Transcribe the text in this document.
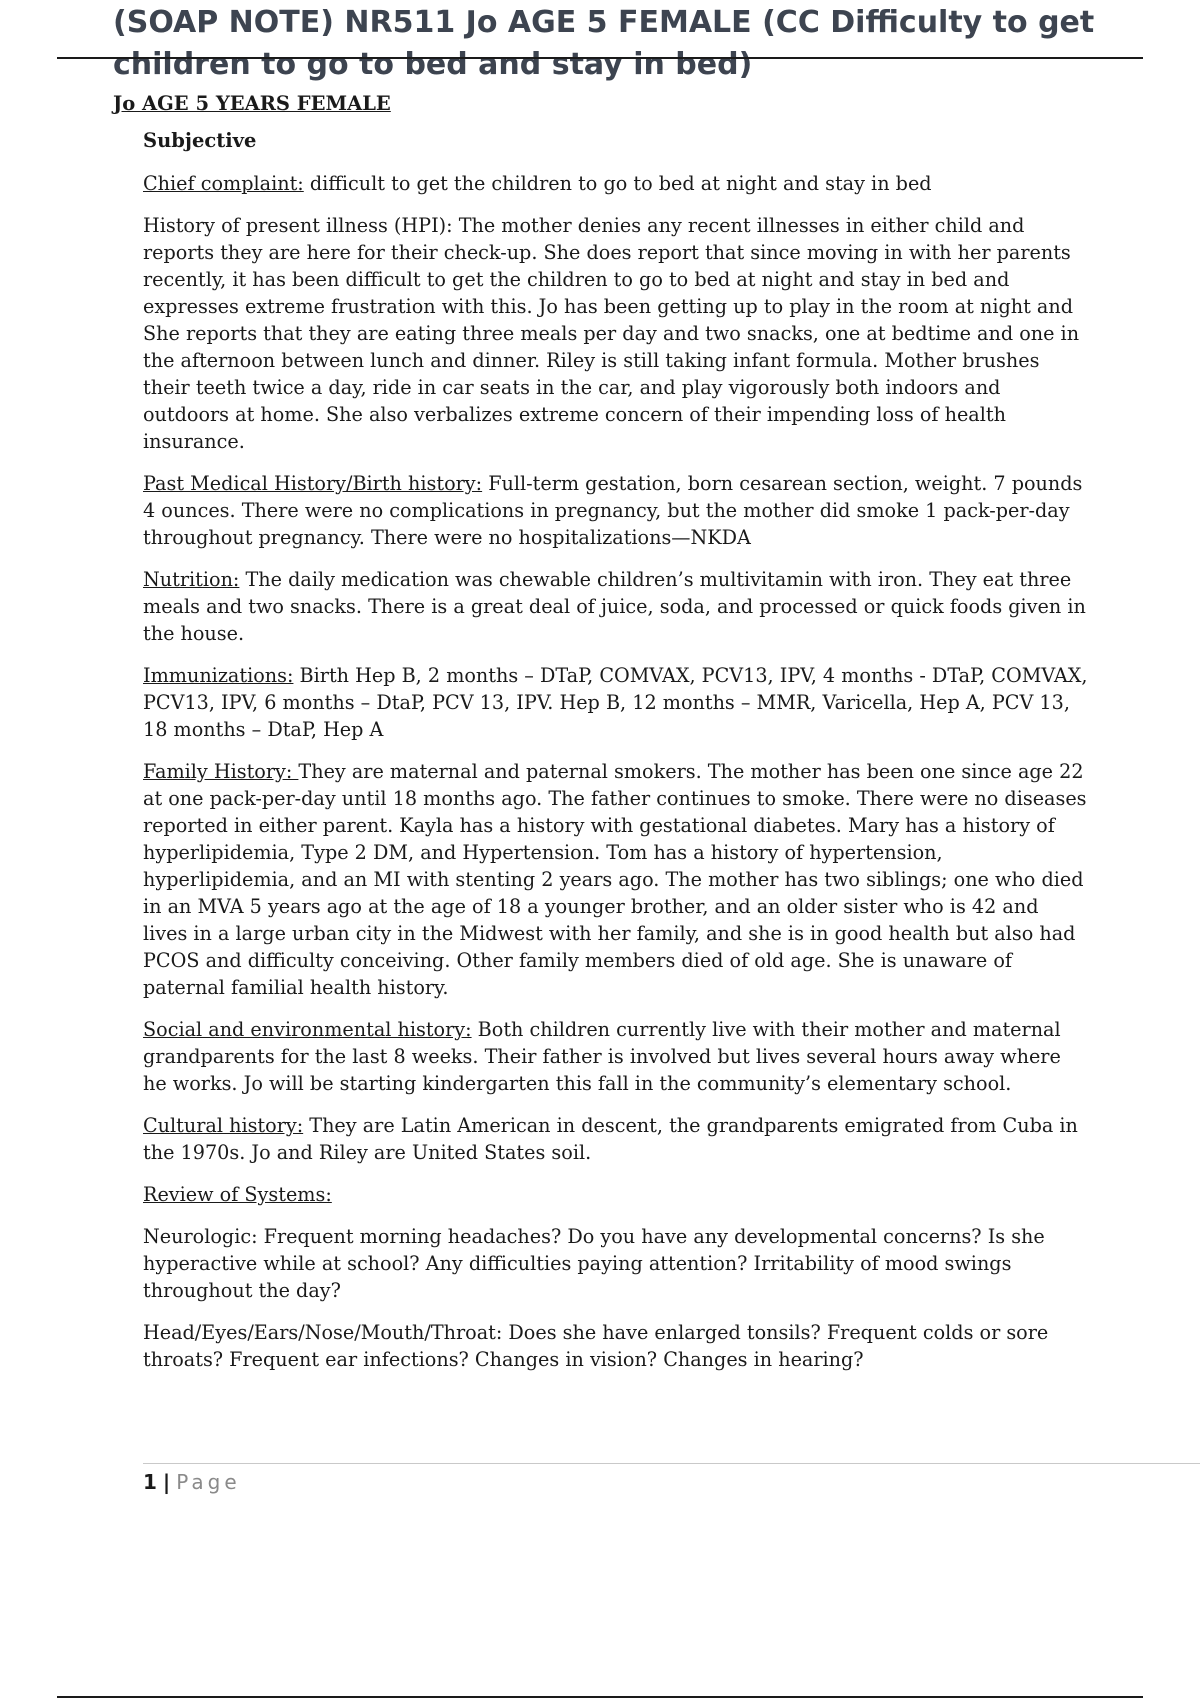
(SOAP NOTE) NR511 Jo AGE 5 FEMALE (CC Difficulty to get children to go to bed and stay in bed)
Jo AGE 5 YEARS FEMALE
Subjective

Chief complaint: difficult to get the children to go to bed at night and stay in bed

History of present illness (HPI): The mother denies any recent illnesses in either child and reports they are here for their check-up. She does report that since moving in with her parents recently, it has been difficult to get the children to go to bed at night and stay in bed and expresses extreme frustration with this. Jo has been getting up to play in the room at night and She reports that they are eating three meals per day and two snacks, one at bedtime and one in the afternoon between lunch and dinner. Riley is still taking infant formula. Mother brushes their teeth twice a day, ride in car seats in the car, and play vigorously both indoors and outdoors at home. She also verbalizes extreme concern of their impending loss of health insurance.

Past Medical History/Birth history: Full-term gestation, born cesarean section, weight. 7 pounds 4 ounces. There were no complications in pregnancy, but the mother did smoke 1 pack-per-day throughout pregnancy. There were no hospitalizations—NKDA

Nutrition: The daily medication was chewable children’s multivitamin with iron. They eat three meals and two snacks. There is a great deal of juice, soda, and processed or quick foods given in the house.

Immunizations: Birth Hep B, 2 months – DTaP, COMVAX, PCV13, IPV, 4 months - DTaP, COMVAX, PCV13, IPV, 6 months – DtaP, PCV 13, IPV. Hep B, 12 months – MMR, Varicella, Hep A, PCV 13, 18 months – DtaP, Hep A

Family History: They are maternal and paternal smokers. The mother has been one since age 22 at one pack-per-day until 18 months ago. The father continues to smoke. There were no diseases reported in either parent. Kayla has a history with gestational diabetes. Mary has a history of hyperlipidemia, Type 2 DM, and Hypertension. Tom has a history of hypertension, hyperlipidemia, and an MI with stenting 2 years ago. The mother has two siblings; one who died in an MVA 5 years ago at the age of 18 a younger brother, and an older sister who is 42 and lives in a large urban city in the Midwest with her family, and she is in good health but also had PCOS and difficulty conceiving. Other family members died of old age. She is unaware of paternal familial health history.

Social and environmental history: Both children currently live with their mother and maternal grandparents for the last 8 weeks. Their father is involved but lives several hours away where he works. Jo will be starting kindergarten this fall in the community’s elementary school.

Cultural history: They are Latin American in descent, the grandparents emigrated from Cuba in the 1970s. Jo and Riley are United States soil.

Review of Systems:

Neurologic: Frequent morning headaches? Do you have any developmental concerns? Is she hyperactive while at school? Any difficulties paying attention? Irritability of mood swings throughout the day?

Head/Eyes/Ears/Nose/Mouth/Throat: Does she have enlarged tonsils? Frequent colds or sore throats? Frequent ear infections? Changes in vision? Changes in hearing?

1 | Page
